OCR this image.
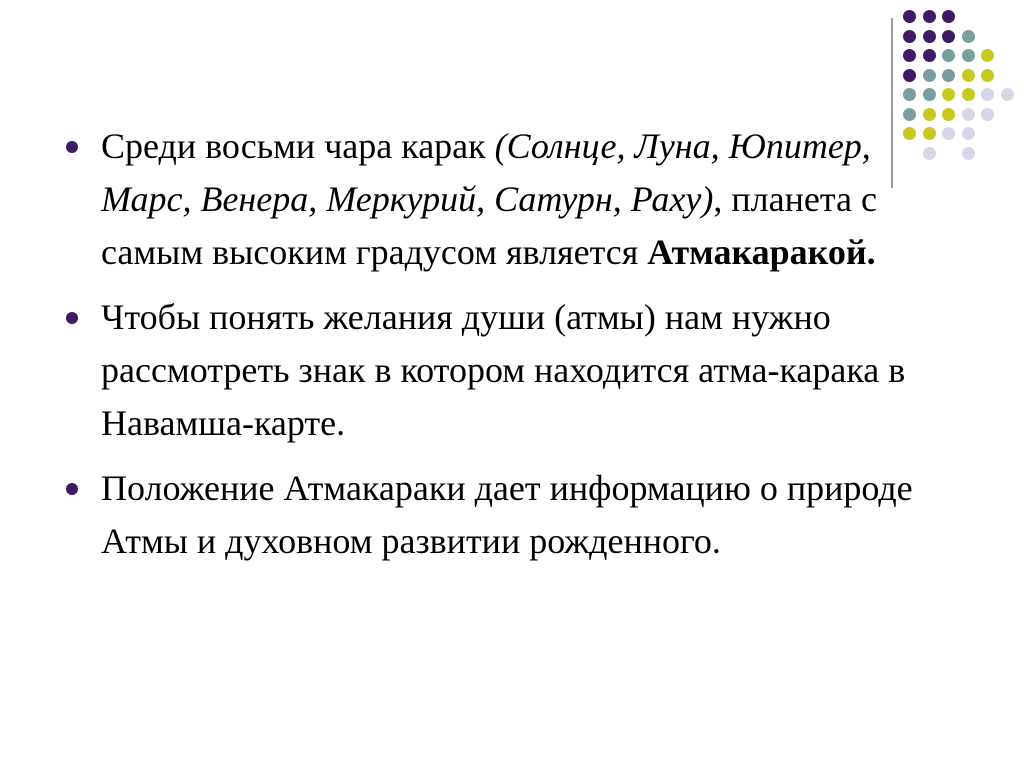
Среди восьми чара карак (Солнце, Луна, Юпитер, Марс, Венера, Меркурий, Сатурн, Раху), планета с самым высоким градусом является Атмакаракой.
Чтобы понять желания души (атмы) нам нужно рассмотреть знак в котором находится атма-карака в Навамша-карте.
Положение Атмакараки дает информацию о природе Атмы и духовном развитии рожденного.
